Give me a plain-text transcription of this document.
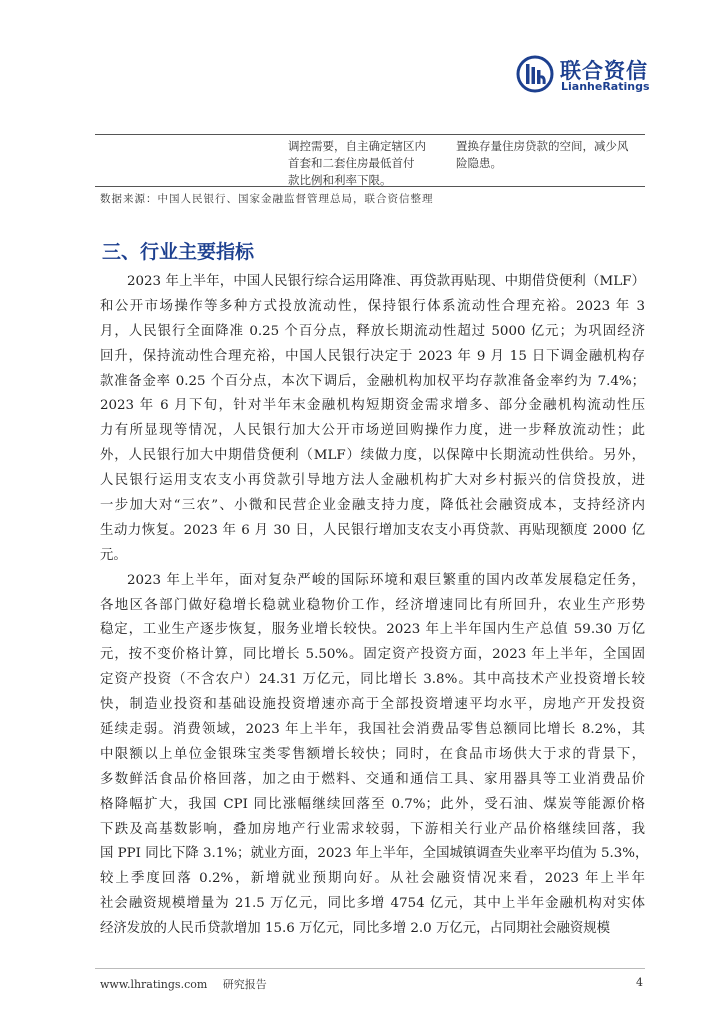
联合资信
LianheRatings
调控需要，自主确定辖区内
首套和二套住房最低首付
款比例和利率下限。
置换存量住房贷款的空间，减少风
险隐患。
数据来源：中国人民银行、国家金融监督管理总局，联合资信整理
三、行业主要指标
2023 年上半年，中国人民银行综合运用降准、再贷款再贴现、中期借贷便利（MLF）
和公开市场操作等多种方式投放流动性，保持银行体系流动性合理充裕。2023 年 3
月，人民银行全面降准 0.25 个百分点，释放长期流动性超过 5000 亿元；为巩固经济
回升，保持流动性合理充裕，中国人民银行决定于 2023 年 9 月 15 日下调金融机构存
款准备金率 0.25 个百分点，本次下调后，金融机构加权平均存款准备金率约为 7.4%；
2023 年 6 月下旬，针对半年末金融机构短期资金需求增多、部分金融机构流动性压
力有所显现等情况，人民银行加大公开市场逆回购操作力度，进一步释放流动性；此
外，人民银行加大中期借贷便利（MLF）续做力度，以保障中长期流动性供给。另外，
人民银行运用支农支小再贷款引导地方法人金融机构扩大对乡村振兴的信贷投放，进
一步加大对“三农”、小微和民营企业金融支持力度，降低社会融资成本，支持经济内
生动力恢复。2023 年 6 月 30 日，人民银行增加支农支小再贷款、再贴现额度 2000 亿
元。
2023 年上半年，面对复杂严峻的国际环境和艰巨繁重的国内改革发展稳定任务，
各地区各部门做好稳增长稳就业稳物价工作，经济增速同比有所回升，农业生产形势
稳定，工业生产逐步恢复，服务业增长较快。2023 年上半年国内生产总值 59.30 万亿
元，按不变价格计算，同比增长 5.50%。固定资产投资方面，2023 年上半年，全国固
定资产投资（不含农户）24.31 万亿元，同比增长 3.8%。其中高技术产业投资增长较
快，制造业投资和基础设施投资增速亦高于全部投资增速平均水平，房地产开发投资
延续走弱。消费领域，2023 年上半年，我国社会消费品零售总额同比增长 8.2%，其
中限额以上单位金银珠宝类零售额增长较快；同时，在食品市场供大于求的背景下，
多数鲜活食品价格回落，加之由于燃料、交通和通信工具、家用器具等工业消费品价
格降幅扩大，我国 CPI 同比涨幅继续回落至 0.7%；此外，受石油、煤炭等能源价格
下跌及高基数影响，叠加房地产行业需求较弱，下游相关行业产品价格继续回落，我
国 PPI 同比下降 3.1%；就业方面，2023 年上半年，全国城镇调查失业率平均值为 5.3%，
较上季度回落 0.2%，新增就业预期向好。从社会融资情况来看，2023 年上半年
社会融资规模增量为 21.5 万亿元，同比多增 4754 亿元，其中上半年金融机构对实体
经济发放的人民币贷款增加 15.6 万亿元，同比多增 2.0 万亿元，占同期社会融资规模
www.lhratings.com 研究报告	4
